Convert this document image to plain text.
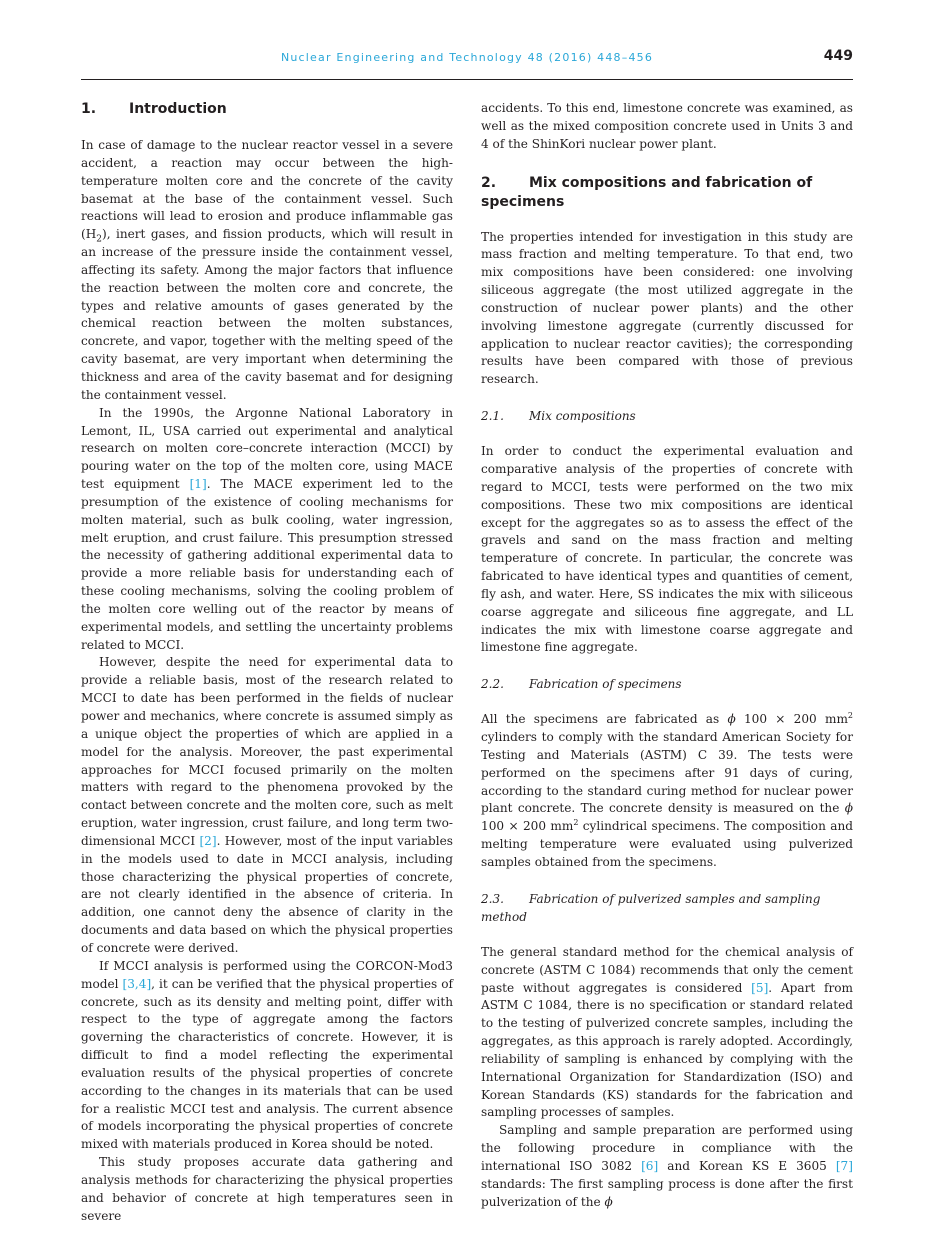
Nuclear Engineering and Technology 48 (2016) 448–456	449
1. Introduction

In case of damage to the nuclear reactor vessel in a severe accident, a reaction may occur between the high-temperature molten core and the concrete of the cavity basemat at the base of the containment vessel. Such reactions will lead to erosion and produce inflammable gas $(H_2)$, inert gases, and fission products, which will result in an increase of the pressure inside the containment vessel, affecting its safety. Among the major factors that influence the reaction between the molten core and concrete, the types and relative amounts of gases generated by the chemical reaction between the molten substances, concrete, and vapor, together with the melting speed of the cavity basemat, are very important when determining the thickness and area of the cavity basemat and for designing the containment vessel.

In the 1990s, the Argonne National Laboratory in Lemont, IL, USA carried out experimental and analytical research on molten core–concrete interaction (MCCI) by pouring water on the top of the molten core, using MACE test equipment [1]. The MACE experiment led to the presumption of the existence of cooling mechanisms for molten material, such as bulk cooling, water ingression, melt eruption, and crust failure. This presumption stressed the necessity of gathering additional experimental data to provide a more reliable basis for understanding each of these cooling mechanisms, solving the cooling problem of the molten core welling out of the reactor by means of experimental models, and settling the uncertainty problems related to MCCI.

However, despite the need for experimental data to provide a reliable basis, most of the research related to MCCI to date has been performed in the fields of nuclear power and mechanics, where concrete is assumed simply as a unique object the properties of which are applied in a model for the analysis. Moreover, the past experimental approaches for MCCI focused primarily on the molten matters with regard to the phenomena provoked by the contact between concrete and the molten core, such as melt eruption, water ingression, crust failure, and long term two-dimensional MCCI [2]. However, most of the input variables in the models used to date in MCCI analysis, including those characterizing the physical properties of concrete, are not clearly identified in the absence of criteria. In addition, one cannot deny the absence of clarity in the documents and data based on which the physical properties of concrete were derived.

If MCCI analysis is performed using the CORCON-Mod3 model [3,4], it can be verified that the physical properties of concrete, such as its density and melting point, differ with respect to the type of aggregate among the factors governing the characteristics of concrete. However, it is difficult to find a model reflecting the experimental evaluation results of the physical properties of concrete according to the changes in its materials that can be used for a realistic MCCI test and analysis. The current absence of models incorporating the physical properties of concrete mixed with materials produced in Korea should be noted.

This study proposes accurate data gathering and analysis methods for characterizing the physical properties and behavior of concrete at high temperatures seen in severe

accidents. To this end, limestone concrete was examined, as well as the mixed composition concrete used in Units 3 and 4 of the ShinKori nuclear power plant.

2. Mix compositions and fabrication of specimens

The properties intended for investigation in this study are mass fraction and melting temperature. To that end, two mix compositions have been considered: one involving siliceous aggregate (the most utilized aggregate in the construction of nuclear power plants) and the other involving limestone aggregate (currently discussed for application to nuclear reactor cavities); the corresponding results have been compared with those of previous research.

2.1. Mix compositions

In order to conduct the experimental evaluation and comparative analysis of the properties of concrete with regard to MCCI, tests were performed on the two mix compositions. These two mix compositions are identical except for the aggregates so as to assess the effect of the gravels and sand on the mass fraction and melting temperature of concrete. In particular, the concrete was fabricated to have identical types and quantities of cement, fly ash, and water. Here, SS indicates the mix with siliceous coarse aggregate and siliceous fine aggregate, and LL indicates the mix with limestone coarse aggregate and limestone fine aggregate.

2.2. Fabrication of specimens

All the specimens are fabricated as ϕ 100 × 200 $mm^2$ cylinders to comply with the standard American Society for Testing and Materials (ASTM) C 39. The tests were performed on the specimens after 91 days of curing, according to the standard curing method for nuclear power plant concrete. The concrete density is measured on the ϕ 100 × 200 $mm^2$ cylindrical specimens. The composition and melting temperature were evaluated using pulverized samples obtained from the specimens.

2.3. Fabrication of pulverized samples and sampling method

The general standard method for the chemical analysis of concrete (ASTM C 1084) recommends that only the cement paste without aggregates is considered [5]. Apart from ASTM C 1084, there is no specification or standard related to the testing of pulverized concrete samples, including the aggregates, as this approach is rarely adopted. Accordingly, reliability of sampling is enhanced by complying with the International Organization for Standardization (ISO) and Korean Standards (KS) standards for the fabrication and sampling processes of samples.

Sampling and sample preparation are performed using the following procedure in compliance with the international ISO 3082 [6] and Korean KS E 3605 [7] standards: The first sampling process is done after the first pulverization of the ϕ
